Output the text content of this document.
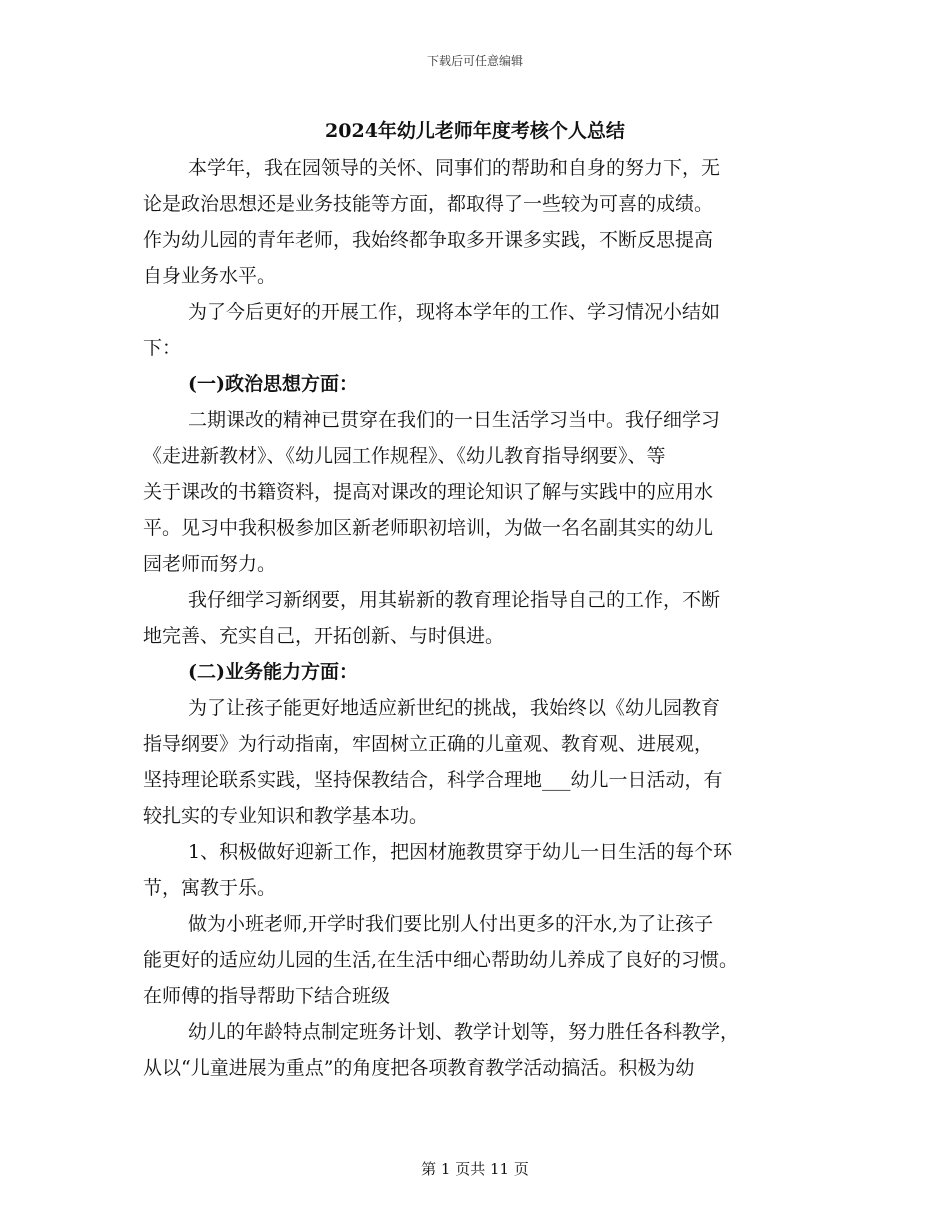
下载后可任意编辑
2024年幼儿老师年度考核个人总结

本学年，我在园领导的关怀、同事们的帮助和自身的努力下，无

论是政治思想还是业务技能等方面，都取得了一些较为可喜的成绩。

作为幼儿园的青年老师，我始终都争取多开课多实践，不断反思提高

自身业务水平。

为了今后更好的开展工作，现将本学年的工作、学习情况小结如

下：

(一)政治思想方面：

二期课改的精神已贯穿在我们的一日生活学习当中。我仔细学习

《走进新教材》、《幼儿园工作规程》、《幼儿教育指导纲要》、等

关于课改的书籍资料，提高对课改的理论知识了解与实践中的应用水

平。见习中我积极参加区新老师职初培训，为做一名名副其实的幼儿

园老师而努力。

我仔细学习新纲要，用其崭新的教育理论指导自己的工作，不断

地完善、充实自己，开拓创新、与时俱进。

(二)业务能力方面：

为了让孩子能更好地适应新世纪的挑战，我始终以《幼儿园教育

指导纲要》为行动指南，牢固树立正确的儿童观、教育观、进展观，

坚持理论联系实践，坚持保教结合，科学合理地___幼儿一日活动，有

较扎实的专业知识和教学基本功。

1、积极做好迎新工作，把因材施教贯穿于幼儿一日生活的每个环

节，寓教于乐。

做为小班老师,开学时我们要比别人付出更多的汗水,为了让孩子

能更好的适应幼儿园的生活,在生活中细心帮助幼儿养成了良好的习惯。

在师傅的指导帮助下结合班级

幼儿的年龄特点制定班务计划、教学计划等，努力胜任各科教学，

从以“儿童进展为重点”的角度把各项教育教学活动搞活。积极为幼

第 1 页共 11 页
